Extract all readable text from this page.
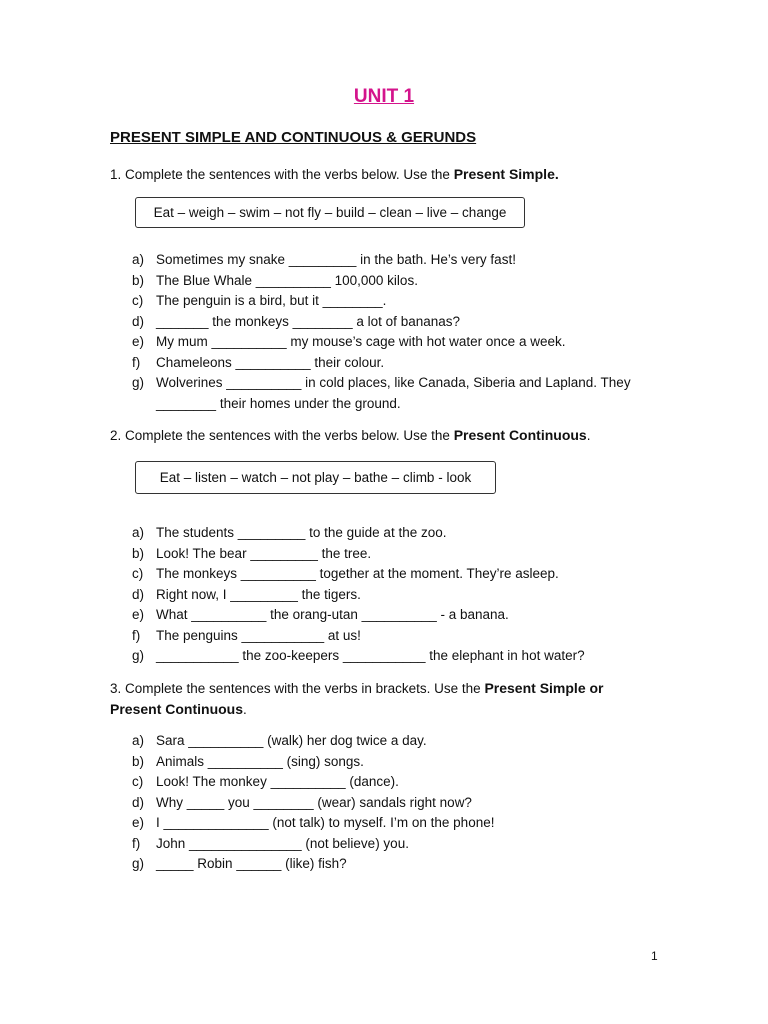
UNIT 1
PRESENT SIMPLE AND CONTINUOUS & GERUNDS
1. Complete the sentences with the verbs below. Use the Present Simple.
Eat – weigh – swim – not fly – build – clean – live – change
a) Sometimes my snake _________ in the bath. He’s very fast!
b) The Blue Whale __________ 100,000 kilos.
c) The penguin is a bird, but it ________.
d) _______ the monkeys ________ a lot of bananas?
e) My mum __________ my mouse’s cage with hot water once a week.
f)	Chameleons __________ their colour.
g) Wolverines __________ in cold places, like Canada, Siberia and Lapland. They ________ their homes under the ground.
2. Complete the sentences with the verbs below. Use the Present Continuous.
Eat – listen – watch – not play – bathe – climb - look
a) The students _________ to the guide at the zoo.
b) Look! The bear _________ the tree.
c) The monkeys __________ together at the moment. They’re asleep.
d) Right now, I _________ the tigers.
e) What __________ the orang-utan __________ - a banana.
f)	The penguins ___________ at us!
g) ___________ the zoo-keepers ___________ the elephant in hot water?
3. Complete the sentences with the verbs in brackets. Use the Present Simple or Present Continuous.
a) Sara __________ (walk) her dog twice a day.
b) Animals __________ (sing) songs.
c) Look! The monkey __________ (dance).
d) Why _____ you ________ (wear) sandals right now?
e) I ______________ (not talk) to myself. I’m on the phone!
f)	John _______________ (not believe) you.
g) _____ Robin ______ (like) fish?
1
